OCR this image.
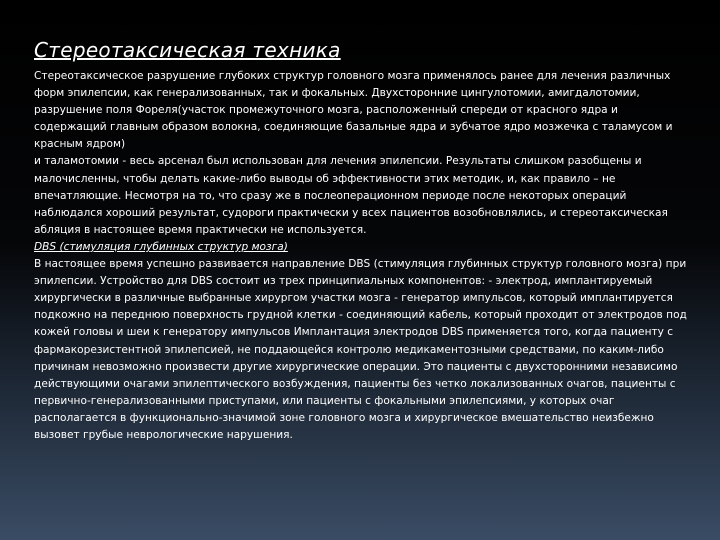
Стереотаксическая техника
Стереотаксическое разрушение глубоких структур головного мозга применялось ранее для лечения различных форм эпилепсии, как генерализованных, так и фокальных. Двухсторонние цингулотомии, амигдалотомии, разрушение поля Фореля(участок промежуточного мозга, расположенный спереди от красного ядра и содержащий главным образом волокна, соединяющие базальные ядра и зубчатое ядро мозжечка с таламусом и красным ядром)
и таламотомии - весь арсенал был использован для лечения эпилепсии. Результаты слишком разобщены и малочисленны, чтобы делать какие-либо выводы об эффективности этих методик, и, как правило – не впечатляющие. Несмотря на то, что сразу же в послеоперационном периоде после некоторых операций наблюдался хороший результат, судороги практически у всех пациентов возобновлялись, и стереотаксическая абляция в настоящее время практически не используется.
DBS (стимуляция глубинных структур мозга)
В настоящее время успешно развивается направление DBS (стимуляция глубинных структур головного мозга) при эпилепсии. Устройство для DBS состоит из трех принципиальных компонентов: - электрод, имплантируемый хирургически в различные выбранные хирургом участки мозга - генератор импульсов, который имплантируется подкожно на переднюю поверхность грудной клетки - соединяющий кабель, который проходит от электродов под кожей головы и шеи к генератору импульсов Имплантация электродов DBS применяется того, когда пациенту с фармакорезистентной эпилепсией, не поддающейся контролю медикаментозными средствами, по каким-либо причинам невозможно произвести другие хирургические операции. Это пациенты с двухсторонними независимо действующими очагами эпилептического возбуждения, пациенты без четко локализованных очагов, пациенты с первично-генерализованными приступами, или пациенты с фокальными эпилепсиями, у которых очаг располагается в функционально-значимой зоне головного мозга и хирургическое вмешательство неизбежно вызовет грубые неврологические нарушения.
